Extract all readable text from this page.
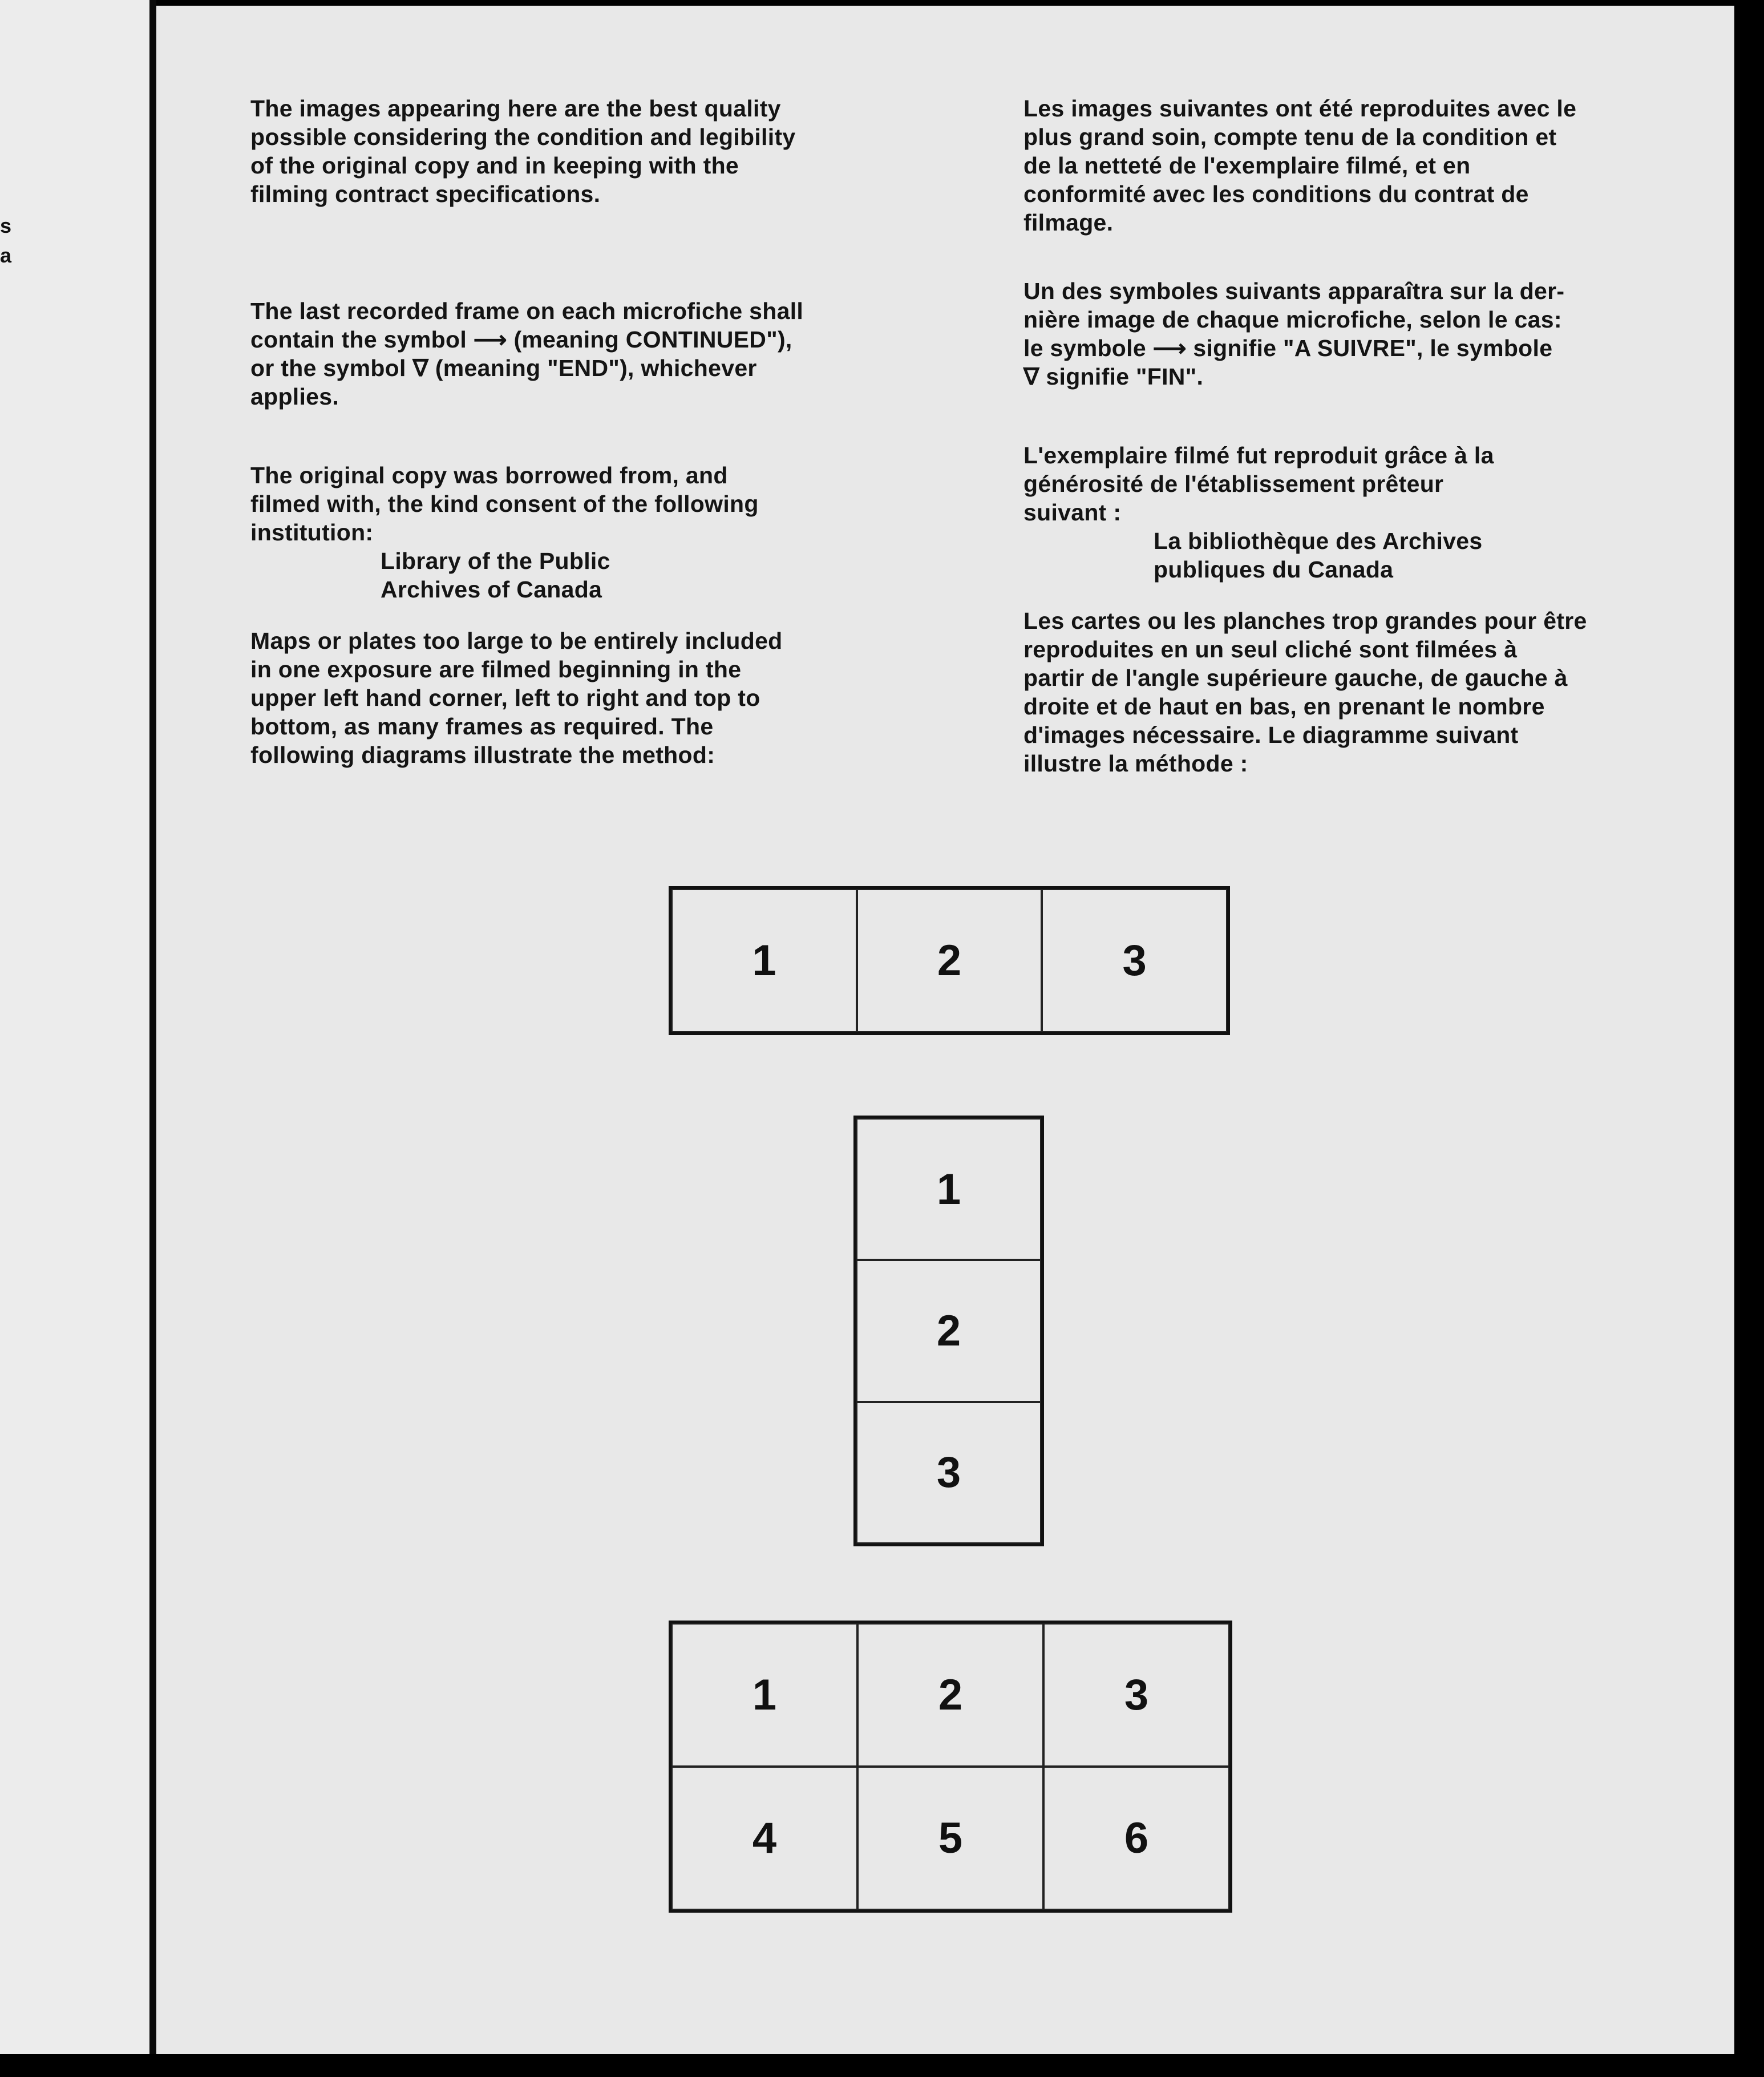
s
a
The images appearing here are the best quality
possible considering the condition and legibility
of the original copy and in keeping with the
filming contract specifications.
The last recorded frame on each microfiche shall
contain the symbol ⟶ (meaning CONTINUED"),
or the symbol ∇ (meaning "END"), whichever
applies.
The original copy was borrowed from, and
filmed with, the kind consent of the following
institution:
Library of the Public
Archives of Canada
Maps or plates too large to be entirely included
in one exposure are filmed beginning in the
upper left hand corner, left to right and top to
bottom, as many frames as required. The
following diagrams illustrate the method:
Les images suivantes ont été reproduites avec le
plus grand soin, compte tenu de la condition et
de la netteté de l'exemplaire filmé, et en
conformité avec les conditions du contrat de
filmage.
Un des symboles suivants apparaîtra sur la der-
nière image de chaque microfiche, selon le cas:
le symbole ⟶ signifie "A SUIVRE", le symbole
∇ signifie "FIN".
L'exemplaire filmé fut reproduit grâce à la
générosité de l'établissement prêteur
suivant :
La bibliothèque des Archives
publiques du Canada
Les cartes ou les planches trop grandes pour être
reproduites en un seul cliché sont filmées à
partir de l'angle supérieure gauche, de gauche à
droite et de haut en bas, en prenant le nombre
d'images nécessaire. Le diagramme suivant
illustre la méthode :
1	2	3
1
2
3
1	2	3
4	5	6
